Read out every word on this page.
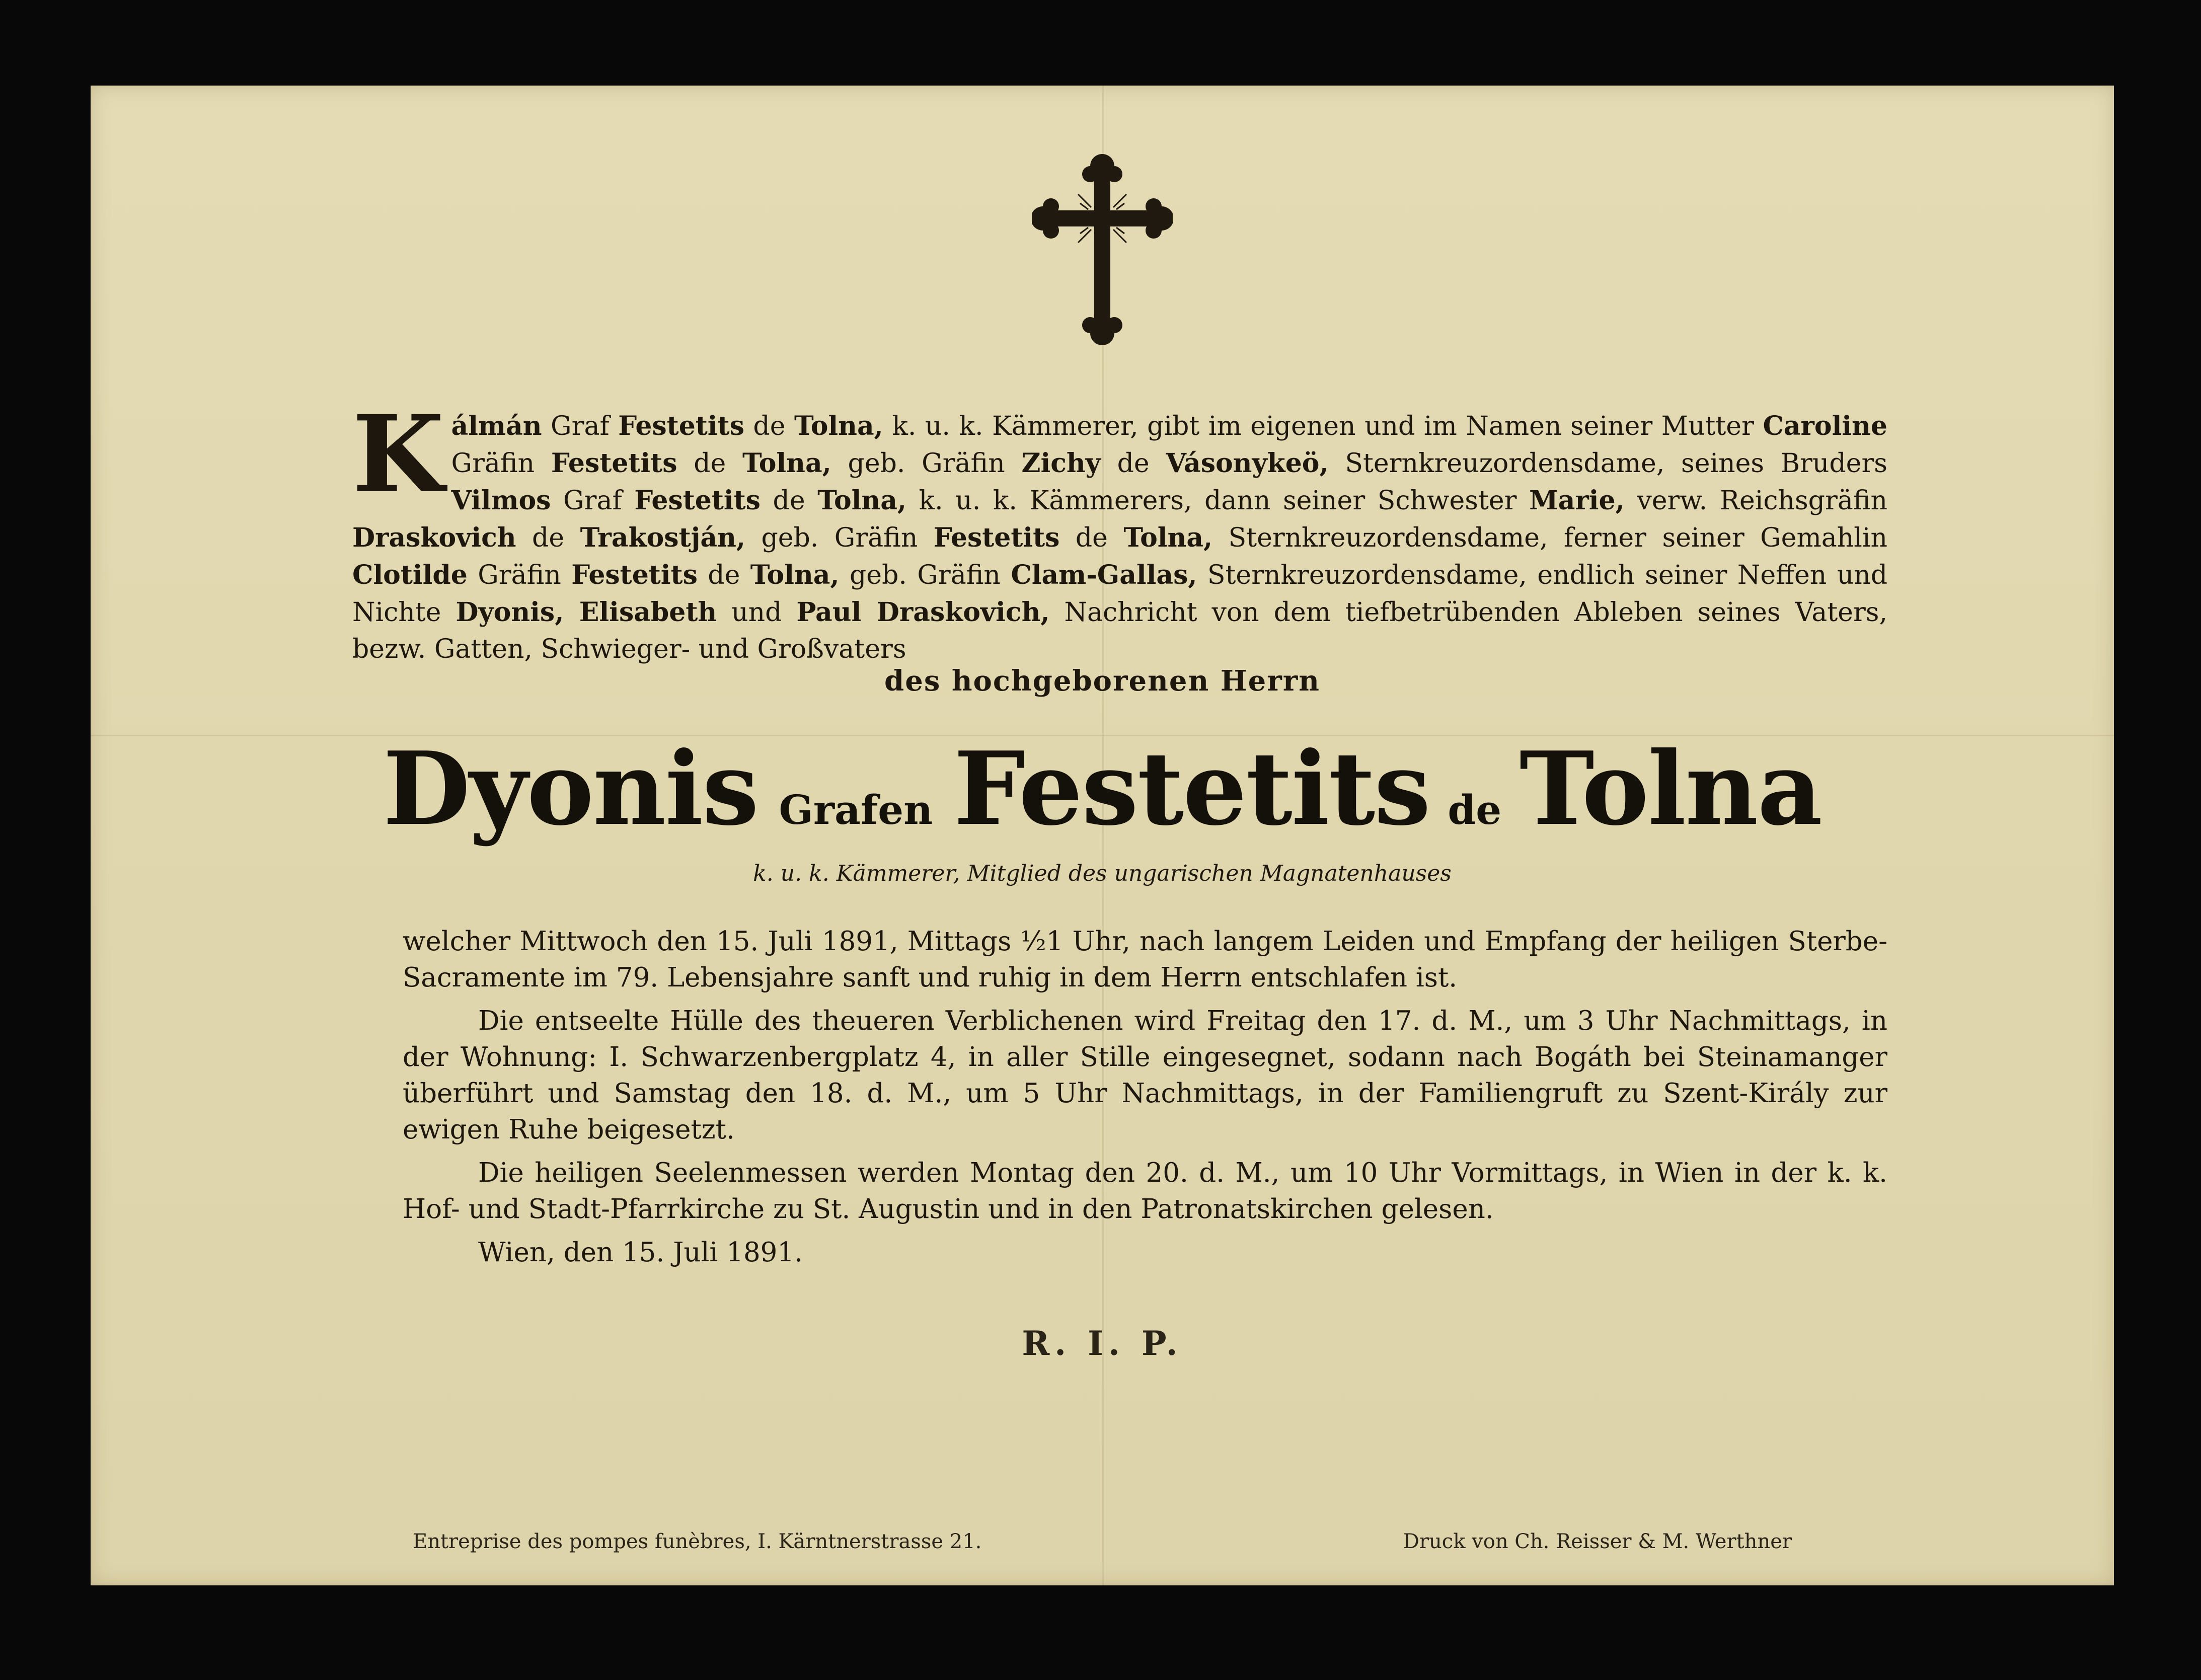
K álmán Graf Festetits de Tolna, k. u. k. Kämmerer, gibt im eigenen und im Namen seiner Mutter Caroline Gräfin Festetits de Tolna, geb. Gräfin Zichy de Vásonykeö, Sternkreuzordensdame, seines Bruders Vilmos Graf Festetits de Tolna, k. u. k. Kämmerers, dann seiner Schwester Marie, verw. Reichsgräfin Draskovich de Trakostján, geb. Gräfin Festetits de Tolna, Sternkreuzordensdame, ferner seiner Gemahlin Clotilde Gräfin Festetits de Tolna, geb. Gräfin Clam-Gallas, Sternkreuzordensdame, endlich seiner Neffen und Nichte Dyonis, Elisabeth und Paul Draskovich, Nachricht von dem tiefbetrübenden Ableben seines Vaters, bezw. Gatten, Schwieger- und Großvaters
des hochgeborenen Herrn
Dyonis Grafen Festetits de Tolna
k. u. k. Kämmerer, Mitglied des ungarischen Magnatenhauses

welcher Mittwoch den 15. Juli 1891, Mittags ½1 Uhr, nach langem Leiden und Empfang der heiligen Sterbe-Sacramente im 79. Lebensjahre sanft und ruhig in dem Herrn entschlafen ist.

Die entseelte Hülle des theueren Verblichenen wird Freitag den 17. d. M., um 3 Uhr Nachmittags, in der Wohnung: I. Schwarzenbergplatz 4, in aller Stille eingesegnet, sodann nach Bogáth bei Steinamanger überführt und Samstag den 18. d. M., um 5 Uhr Nachmittags, in der Familiengruft zu Szent-Király zur ewigen Ruhe beigesetzt.

Die heiligen Seelenmessen werden Montag den 20. d. M., um 10 Uhr Vormittags, in Wien in der k. k. Hof- und Stadt-Pfarrkirche zu St. Augustin und in den Patronatskirchen gelesen.

Wien, den 15. Juli 1891.

R. I. P.
Entreprise des pompes funèbres, I. Kärntnerstrasse 21.	Druck von Ch. Reisser & M. Werthner
